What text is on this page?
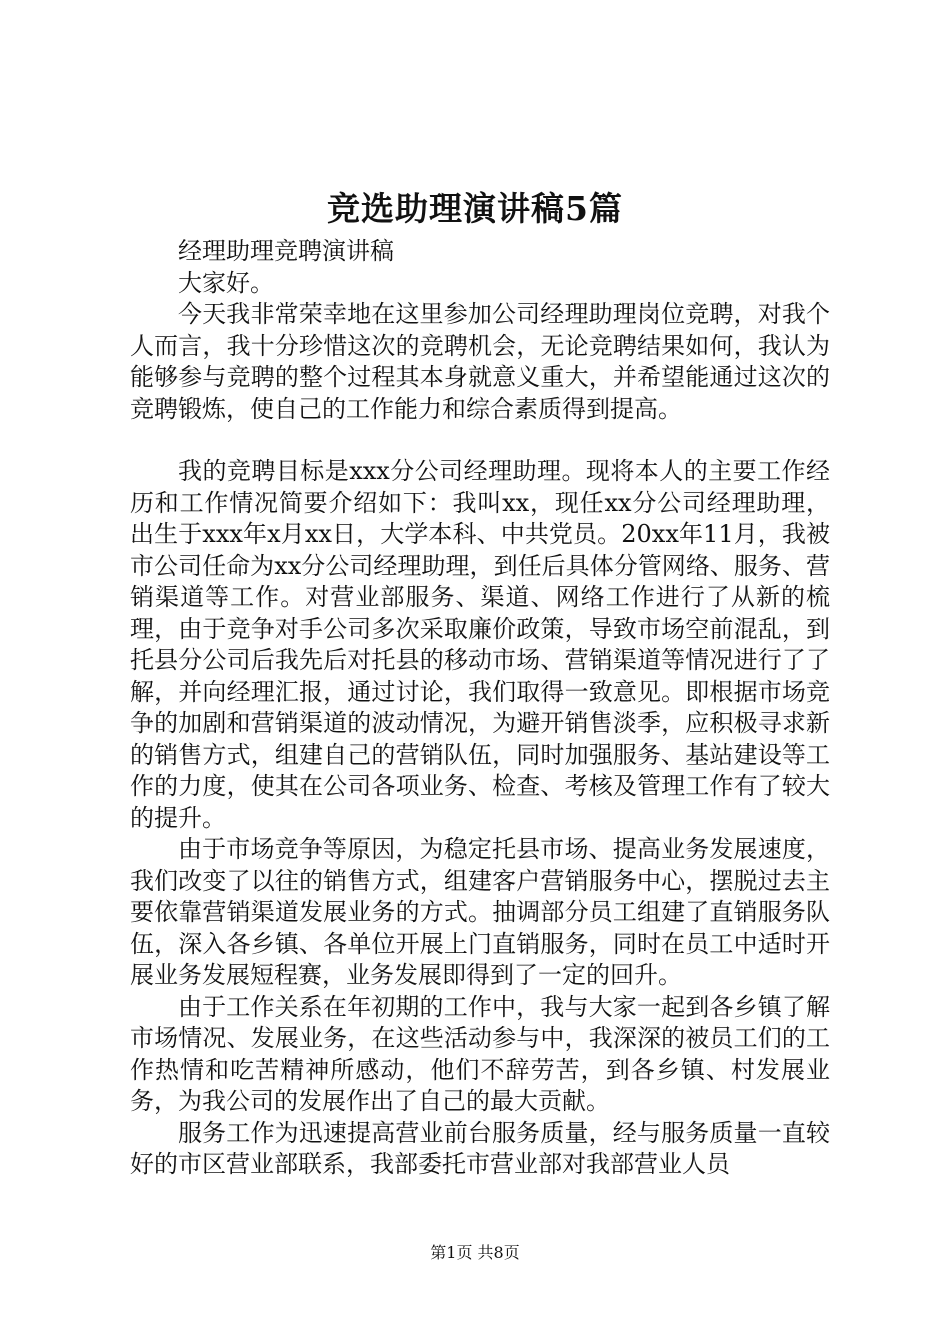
竞选助理演讲稿5篇

经理助理竞聘演讲稿

大家好。

今天我非常荣幸地在这里参加公司经理助理岗位竞聘，对我个人而言，我十分珍惜这次的竞聘机会，无论竞聘结果如何，我认为能够参与竞聘的整个过程其本身就意义重大，并希望能通过这次的竞聘锻炼，使自己的工作能力和综合素质得到提高。

我的竞聘目标是xxx分公司经理助理。现将本人的主要工作经历和工作情况简要介绍如下：我叫xx，现任xx分公司经理助理，出生于xxx年x月xx日，大学本科、中共党员。20xx年11月，我被市公司任命为xx分公司经理助理，到任后具体分管网络、服务、营销渠道等工作。对营业部服务、渠道、网络工作进行了从新的梳理，由于竞争对手公司多次采取廉价政策，导致市场空前混乱，到托县分公司后我先后对托县的移动市场、营销渠道等情况进行了了解，并向经理汇报，通过讨论，我们取得一致意见。即根据市场竞争的加剧和营销渠道的波动情况，为避开销售淡季，应积极寻求新的销售方式，组建自己的营销队伍，同时加强服务、基站建设等工作的力度，使其在公司各项业务、检查、考核及管理工作有了较大的提升。

由于市场竞争等原因，为稳定托县市场、提高业务发展速度，我们改变了以往的销售方式，组建客户营销服务中心，摆脱过去主要依靠营销渠道发展业务的方式。抽调部分员工组建了直销服务队伍，深入各乡镇、各单位开展上门直销服务，同时在员工中适时开展业务发展短程赛，业务发展即得到了一定的回升。

由于工作关系在年初期的工作中，我与大家一起到各乡镇了解市场情况、发展业务，在这些活动参与中，我深深的被员工们的工作热情和吃苦精神所感动，他们不辞劳苦，到各乡镇、村发展业务，为我公司的发展作出了自己的最大贡献。

服务工作为迅速提高营业前台服务质量，经与服务质量一直较好的市区营业部联系，我部委托市营业部对我部营业人员

第1页 共8页
